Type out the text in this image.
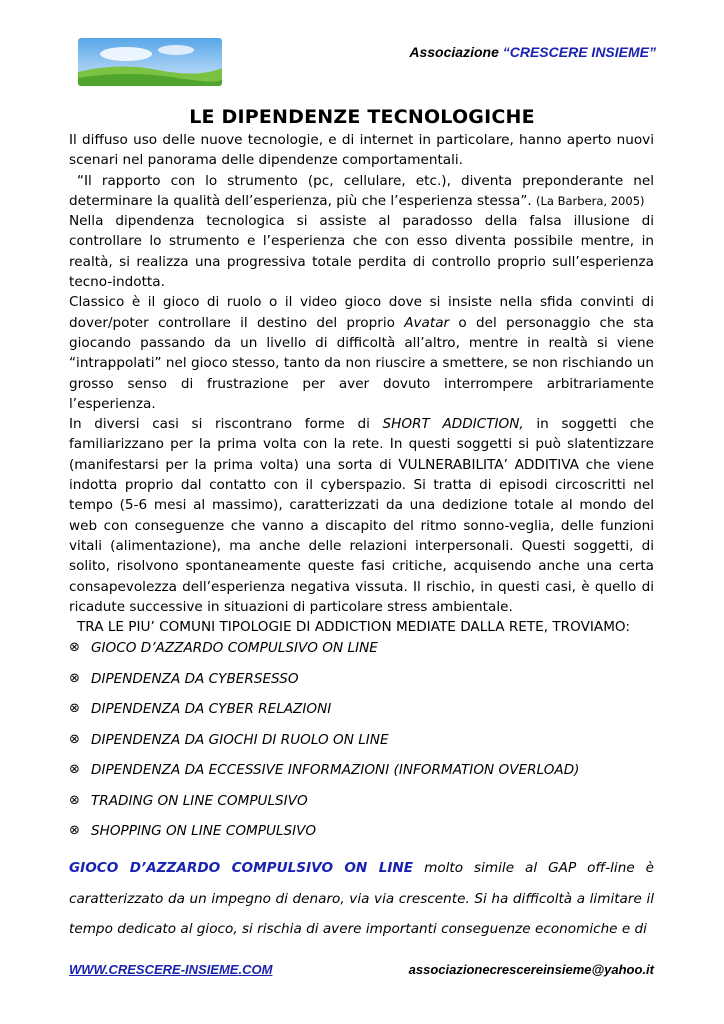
Associazione “CRESCERE INSIEME”
LE DIPENDENZE TECNOLOGICHE

Il diffuso uso delle nuove tecnologie, e di internet in particolare, hanno aperto nuovi scenari nel panorama delle dipendenze comportamentali.

“Il rapporto con lo strumento (pc, cellulare, etc.), diventa preponderante nel determinare la qualità dell’esperienza, più che l’esperienza stessa”. (La Barbera, 2005)

Nella dipendenza tecnologica si assiste al paradosso della falsa illusione di controllare lo strumento e l’esperienza che con esso diventa possibile mentre, in realtà, si realizza una progressiva totale perdita di controllo proprio sull’esperienza tecno-indotta.

Classico è il gioco di ruolo o il video gioco dove si insiste nella sfida convinti di dover/poter controllare il destino del proprio Avatar o del personaggio che sta giocando passando da un livello di difficoltà all’altro, mentre in realtà si viene “intrappolati” nel gioco stesso, tanto da non riuscire a smettere, se non rischiando un grosso senso di frustrazione per aver dovuto interrompere arbitrariamente l’esperienza.

In diversi casi si riscontrano forme di SHORT ADDICTION, in soggetti che familiarizzano per la prima volta con la rete. In questi soggetti si può slatentizzare (manifestarsi per la prima volta) una sorta di VULNERABILITA’ ADDITIVA che viene indotta proprio dal contatto con il cyberspazio. Si tratta di episodi circoscritti nel tempo (5-6 mesi al massimo), caratterizzati da una dedizione totale al mondo del web con conseguenze che vanno a discapito del ritmo sonno-veglia, delle funzioni vitali (alimentazione), ma anche delle relazioni interpersonali. Questi soggetti, di solito, risolvono spontaneamente queste fasi critiche, acquisendo anche una certa consapevolezza dell’esperienza negativa vissuta. Il rischio, in questi casi, è quello di ricadute successive in situazioni di particolare stress ambientale.

TRA LE PIU’ COMUNI TIPOLOGIE DI ADDICTION MEDIATE DALLA RETE, TROVIAMO:

⊗ GIOCO D’AZZARDO COMPULSIVO ON LINE
⊗ DIPENDENZA DA CYBERSESSO
⊗ DIPENDENZA DA CYBER RELAZIONI
⊗ DIPENDENZA DA GIOCHI DI RUOLO ON LINE
⊗ DIPENDENZA DA ECCESSIVE INFORMAZIONI (INFORMATION OVERLOAD)
⊗ TRADING ON LINE COMPULSIVO
⊗ SHOPPING ON LINE COMPULSIVO
GIOCO D’AZZARDO COMPULSIVO ON LINE molto simile al GAP off-line è caratterizzato da un impegno di denaro, via via crescente. Si ha difficoltà a limitare il tempo dedicato al gioco, si rischia di avere importanti conseguenze economiche e di
WWW.CRESCERE-INSIEME.COM	associazionecrescereinsieme@yahoo.it
